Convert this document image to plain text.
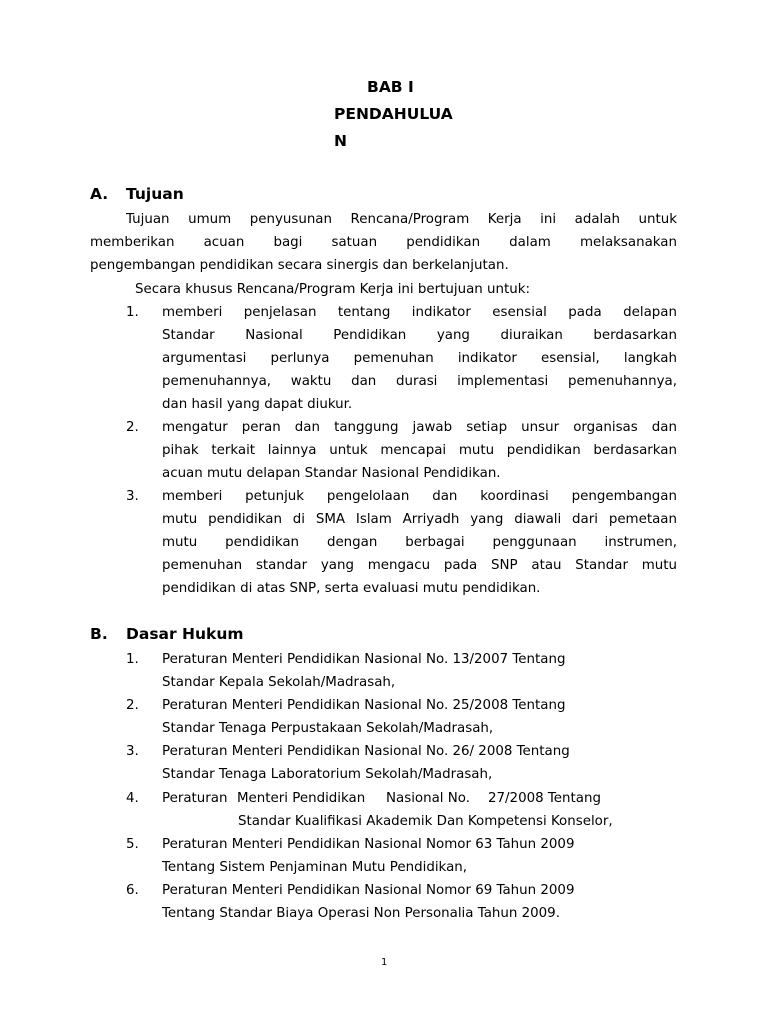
BAB I
PENDAHULUA
N
A. Tujuan
Tujuan umum penyusunan Rencana/Program Kerja ini adalah untuk
memberikan acuan bagi satuan pendidikan dalam melaksanakan
pengembangan pendidikan secara sinergis dan berkelanjutan.
Secara khusus Rencana/Program Kerja ini bertujuan untuk:
1. memberi penjelasan tentang indikator esensial pada delapan
Standar Nasional Pendidikan yang diuraikan berdasarkan
argumentasi perlunya pemenuhan indikator esensial, langkah
pemenuhannya, waktu dan durasi implementasi pemenuhannya,
dan hasil yang dapat diukur.
2. mengatur peran dan tanggung jawab setiap unsur organisas dan
pihak terkait lainnya untuk mencapai mutu pendidikan berdasarkan
acuan mutu delapan Standar Nasional Pendidikan.
3. memberi petunjuk pengelolaan dan koordinasi pengembangan
mutu pendidikan di SMA Islam Arriyadh yang diawali dari pemetaan
mutu pendidikan dengan berbagai penggunaan instrumen,
pemenuhan standar yang mengacu pada SNP atau Standar mutu
pendidikan di atas SNP, serta evaluasi mutu pendidikan.
B. Dasar Hukum
1. Peraturan Menteri Pendidikan Nasional No. 13/2007 Tentang
Standar Kepala Sekolah/Madrasah,
2. Peraturan Menteri Pendidikan Nasional No. 25/2008 Tentang
Standar Tenaga Perpustakaan Sekolah/Madrasah,
3. Peraturan Menteri Pendidikan Nasional No. 26/ 2008 Tentang
Standar Tenaga Laboratorium Sekolah/Madrasah,
4. Peraturan Menteri Pendidikan Nasional No. 27/2008 Tentang
Standar Kualifikasi Akademik Dan Kompetensi Konselor,
5. Peraturan Menteri Pendidikan Nasional Nomor 63 Tahun 2009
Tentang Sistem Penjaminan Mutu Pendidikan,
6. Peraturan Menteri Pendidikan Nasional Nomor 69 Tahun 2009
Tentang Standar Biaya Operasi Non Personalia Tahun 2009.
1
